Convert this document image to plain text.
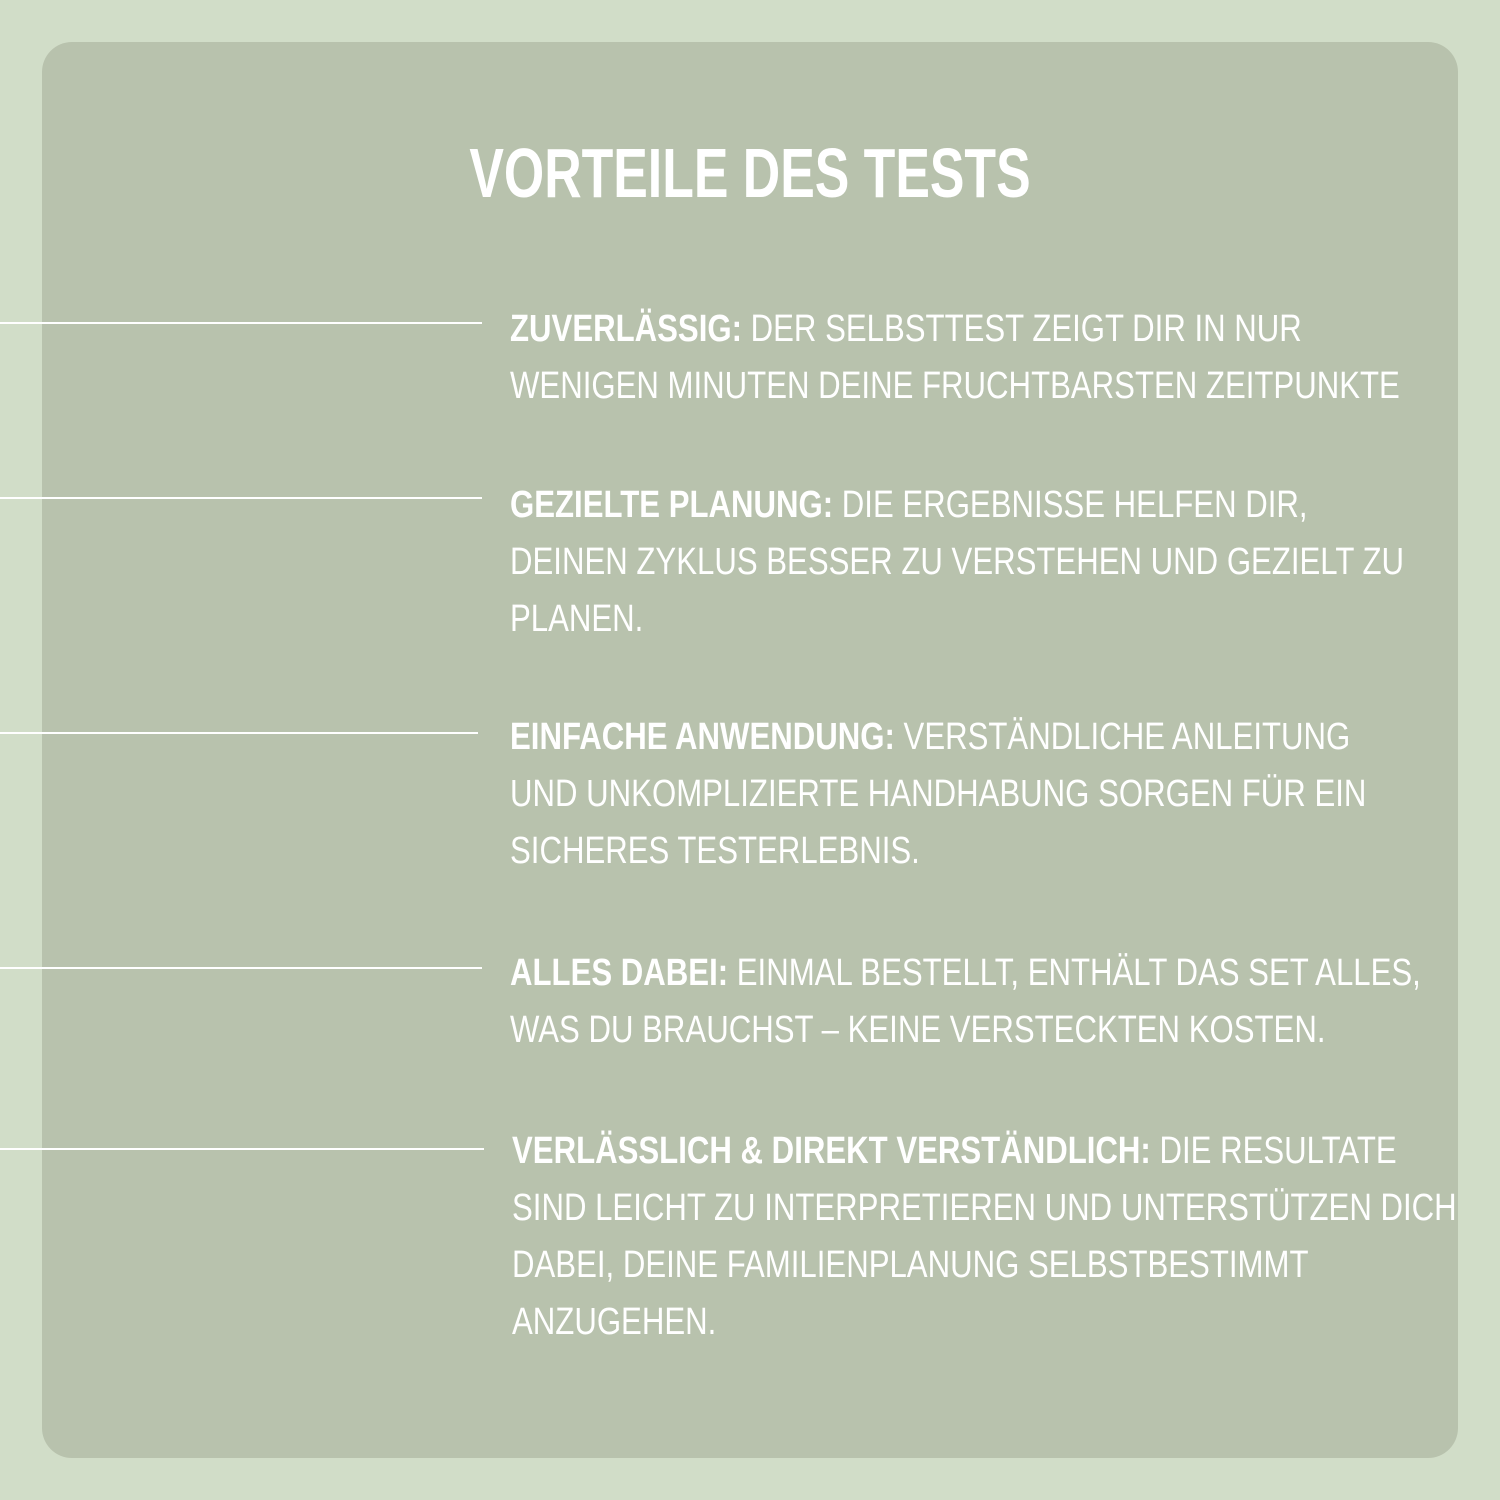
VORTEILE DES TESTS
ZUVERLÄSSIG: DER SELBSTTEST ZEIGT DIR IN NUR
WENIGEN MINUTEN DEINE FRUCHTBARSTEN ZEITPUNKTE
GEZIELTE PLANUNG: DIE ERGEBNISSE HELFEN DIR,
DEINEN ZYKLUS BESSER ZU VERSTEHEN UND GEZIELT ZU
PLANEN.
EINFACHE ANWENDUNG: VERSTÄNDLICHE ANLEITUNG
UND UNKOMPLIZIERTE HANDHABUNG SORGEN FÜR EIN
SICHERES TESTERLEBNIS.
ALLES DABEI: EINMAL BESTELLT, ENTHÄLT DAS SET ALLES,
WAS DU BRAUCHST – KEINE VERSTECKTEN KOSTEN.
VERLÄSSLICH & DIREKT VERSTÄNDLICH: DIE RESULTATE
SIND LEICHT ZU INTERPRETIEREN UND UNTERSTÜTZEN DICH
DABEI, DEINE FAMILIENPLANUNG SELBSTBESTIMMT
ANZUGEHEN.
